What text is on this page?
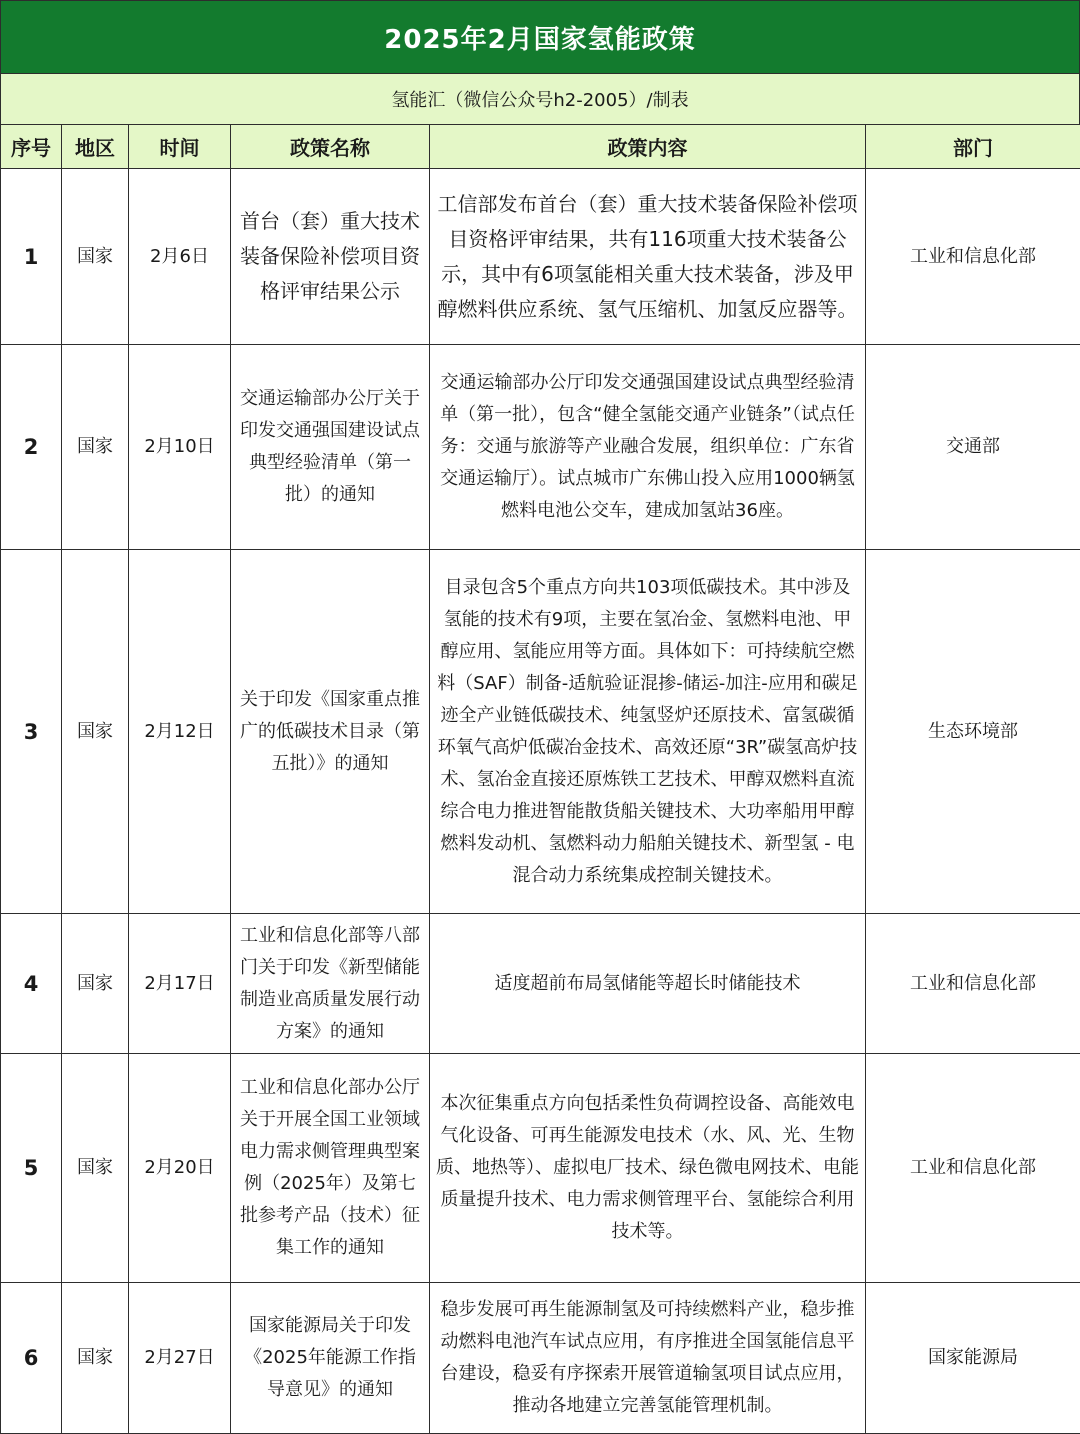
2025年2月国家氢能政策
氢能汇（微信公众号h2-2005）/制表
序号	地区	时间	政策名称	政策内容	部门
1	国家	2月6日	首台（套）重大技术装备保险补偿项目资格评审结果公示	工信部发布首台（套）重大技术装备保险补偿项目资格评审结果，共有116项重大技术装备公示，其中有6项氢能相关重大技术装备，涉及甲醇燃料供应系统、氢气压缩机、加氢反应器等。	工业和信息化部
2	国家	2月10日	交通运输部办公厅关于印发交通强国建设试点典型经验清单（第一批）的通知	交通运输部办公厅印发交通强国建设试点典型经验清单（第一批），包含“健全氢能交通产业链条”（试点任务：交通与旅游等产业融合发展，组织单位：广东省交通运输厅）。试点城市广东佛山投入应用1000辆氢燃料电池公交车，建成加氢站36座。	交通部
3	国家	2月12日	关于印发《国家重点推广的低碳技术目录（第五批）》的通知	目录包含5个重点方向共103项低碳技术。其中涉及氢能的技术有9项，主要在氢冶金、氢燃料电池、甲醇应用、氢能应用等方面。具体如下：可持续航空燃料（SAF）制备-适航验证混掺-储运-加注-应用和碳足迹全产业链低碳技术、纯氢竖炉还原技术、富氢碳循环氧气高炉低碳冶金技术、高效还原“3R”碳氢高炉技术、氢冶金直接还原炼铁工艺技术、甲醇双燃料直流综合电力推进智能散货船关键技术、大功率船用甲醇燃料发动机、氢燃料动力船舶关键技术、新型氢 - 电混合动力系统集成控制关键技术。	生态环境部
4	国家	2月17日	工业和信息化部等八部门关于印发《新型储能制造业高质量发展行动方案》的通知	适度超前布局氢储能等超长时储能技术	工业和信息化部
5	国家	2月20日	工业和信息化部办公厅关于开展全国工业领域电力需求侧管理典型案例（2025年）及第七批参考产品（技术）征集工作的通知	本次征集重点方向包括柔性负荷调控设备、高能效电气化设备、可再生能源发电技术（水、风、光、生物质、地热等）、虚拟电厂技术、绿色微电网技术、电能质量提升技术、电力需求侧管理平台、氢能综合利用技术等。	工业和信息化部
6	国家	2月27日	国家能源局关于印发《2025年能源工作指导意见》的通知	稳步发展可再生能源制氢及可持续燃料产业，稳步推动燃料电池汽车试点应用，有序推进全国氢能信息平台建设，稳妥有序探索开展管道输氢项目试点应用，推动各地建立完善氢能管理机制。	国家能源局
